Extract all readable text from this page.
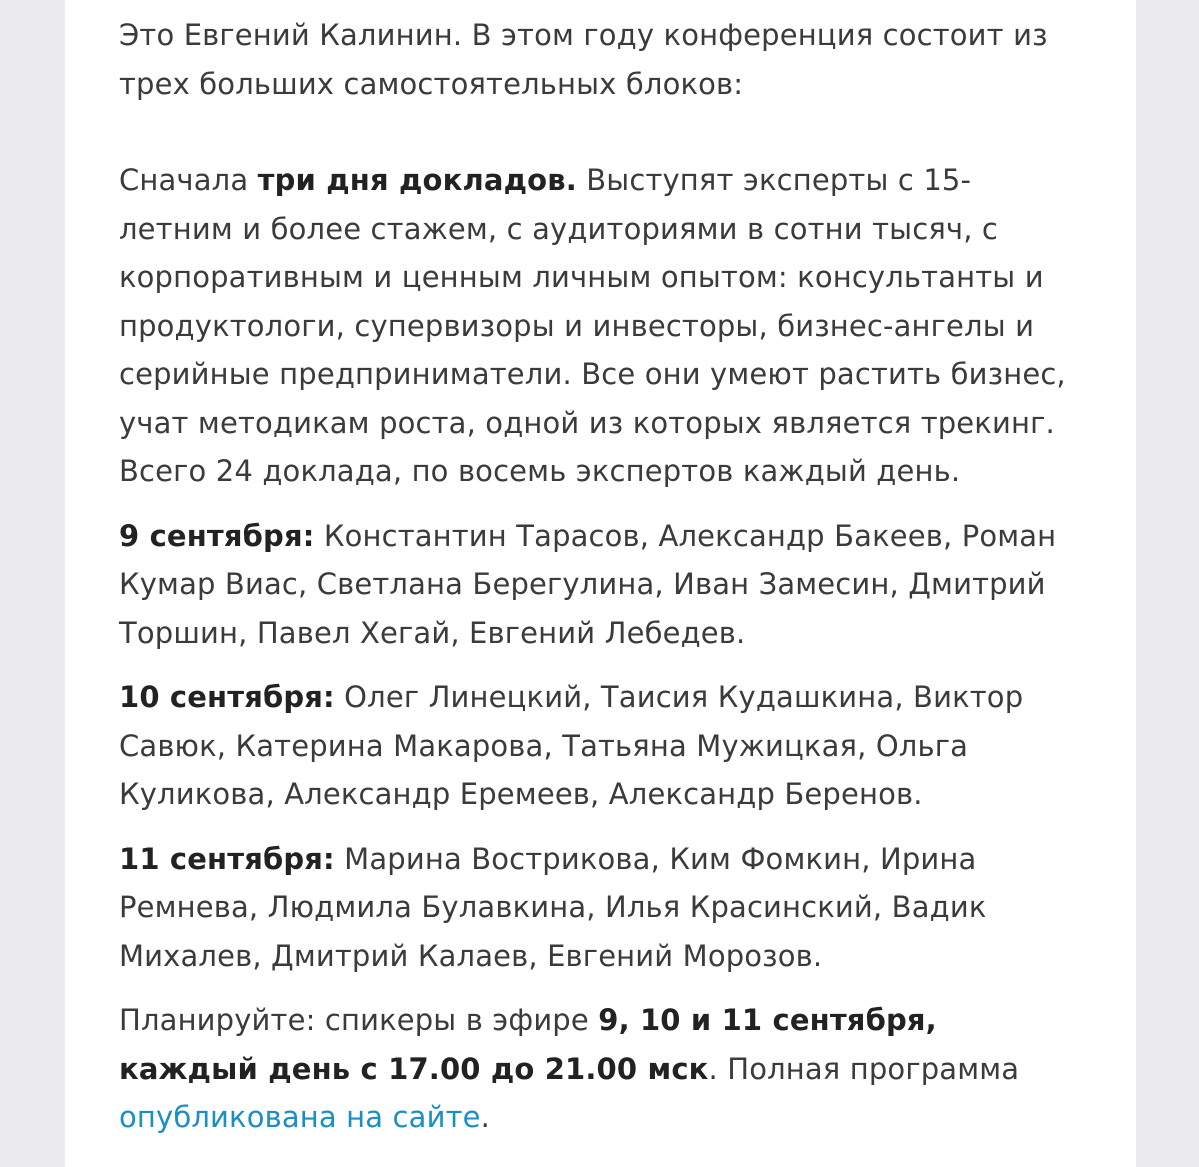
Это Евгений Калинин. В этом году конференция состоит из трех больших самостоятельных блоков:

Сначала три дня докладов. Выступят эксперты с 15-летним и более стажем, с аудиториями в сотни тысяч, с корпоративным и ценным личным опытом: консультанты и продуктологи, супервизоры и инвесторы, бизнес-ангелы и серийные предприниматели. Все они умеют растить бизнес, учат методикам роста, одной из которых является трекинг. Всего 24 доклада, по восемь экспертов каждый день.

9 сентября: Константин Тарасов, Александр Бакеев, Роман Кумар Виас, Светлана Берегулина, Иван Замесин, Дмитрий Торшин, Павел Хегай, Евгений Лебедев.

10 сентября: Олег Линецкий, Таисия Кудашкина, Виктор Савюк, Катерина Макарова, Татьяна Мужицкая, Ольга Куликова, Александр Еремеев, Александр Беренов.

11 сентября: Марина Вострикова, Ким Фомкин, Ирина Ремнева, Людмила Булавкина, Илья Красинский, Вадик Михалев, Дмитрий Калаев, Евгений Морозов.

Планируйте: спикеры в эфире 9, 10 и 11 сентября, каждый день с 17.00 до 21.00 мск. Полная программа опубликована на сайте.
